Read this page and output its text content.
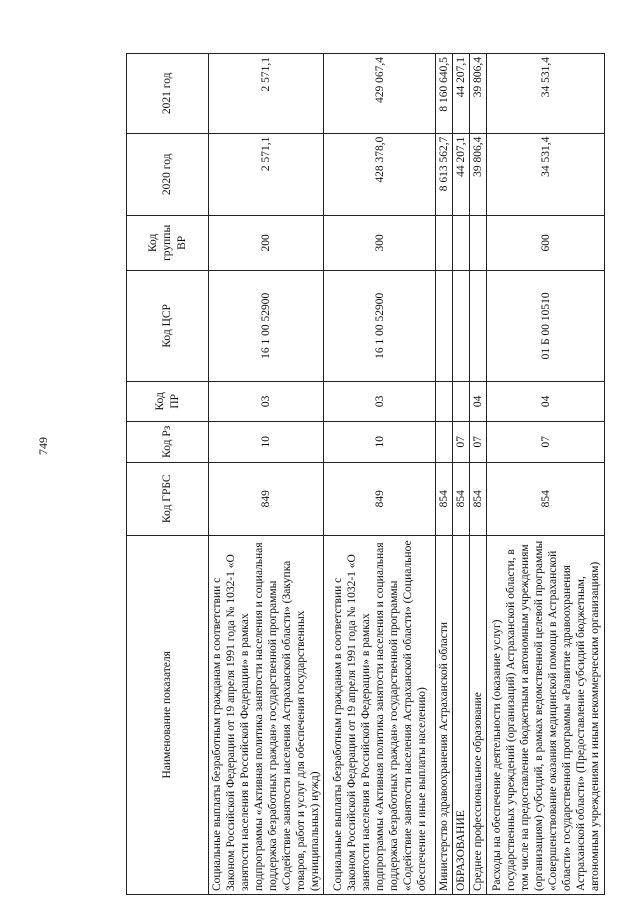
749
Наименование показателя	Код ГРБС	Код Рз	Код ПР	Код ЦСР	Код группы ВР	2020 год	2021 год
Социальные выплаты безработным гражданам в соответствии с Законом Российской Федерации от 19 апреля 1991 года № 1032-1 «О занятости населения в Российской Федерации» в рамках подпрограммы «Активная политика занятости населения и социальная поддержка безработных граждан» государственной программы «Содействие занятости населения Астраханской области» (Закупка товаров, работ и услуг для обеспечения государственных (муниципальных) нужд)	849	10	03	16 1 00 52900	200	2 571,1	2 571,1
Социальные выплаты безработным гражданам в соответствии с Законом Российской Федерации от 19 апреля 1991 года № 1032-1 «О занятости населения в Российской Федерации» в рамках подпрограммы «Активная политика занятости населения и социальная поддержка безработных граждан» государственной программы «Содействие занятости населения Астраханской области» (Социальное обеспечение и иные выплаты населению)	849	10	03	16 1 00 52900	300	428 378,0	429 067,4
Министерство здравоохранения Астраханской области	854					8 613 562,7	8 160 640,5
ОБРАЗОВАНИЕ	854	07				44 207,1	44 207,1
Среднее профессиональное образование	854	07	04			39 806,4	39 806,4
Расходы на обеспечение деятельности (оказание услуг) государственных учреждений (организаций) Астраханской области, в том числе на предоставление бюджетным и автономным учреждениям (организациям) субсидий, в рамках ведомственной целевой программы «Совершенствование оказания медицинской помощи в Астраханской области» государственной программы «Развитие здравоохранения Астраханской области» (Предоставление субсидий бюджетным, автономным учреждениям и иным некоммерческим организациям)	854	07	04	01 Б 00 10510	600	34 531,4	34 531,4
